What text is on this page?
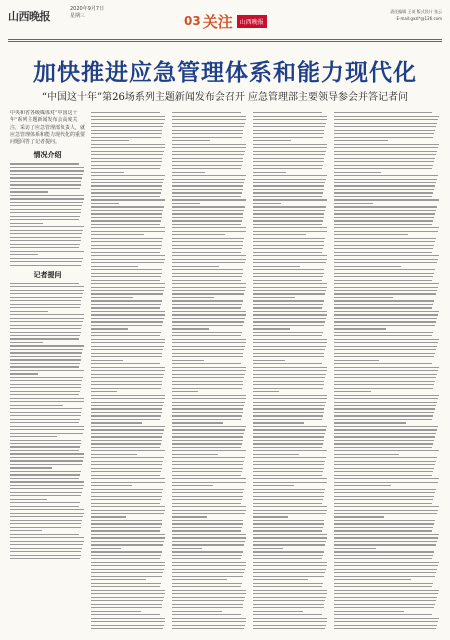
山西晚报
2020年9月7日
星期三	03 关注	山西晚报
责任编辑 王英 版式设计 张云
E-mail:gxzl*@126.com
加快推进应急管理体系和能力现代化
“中国这十年”第26场系列主题新闻发布会召开 应急管理部主要领导参会并答记者问
中央和省各级媒体对“中国这十年”系列主题新闻发布会高度关注，采访了应急管理部负责人，就应急管理体系和能力现代化的重要问题回答了记者提问。
情况介绍
记者提问
